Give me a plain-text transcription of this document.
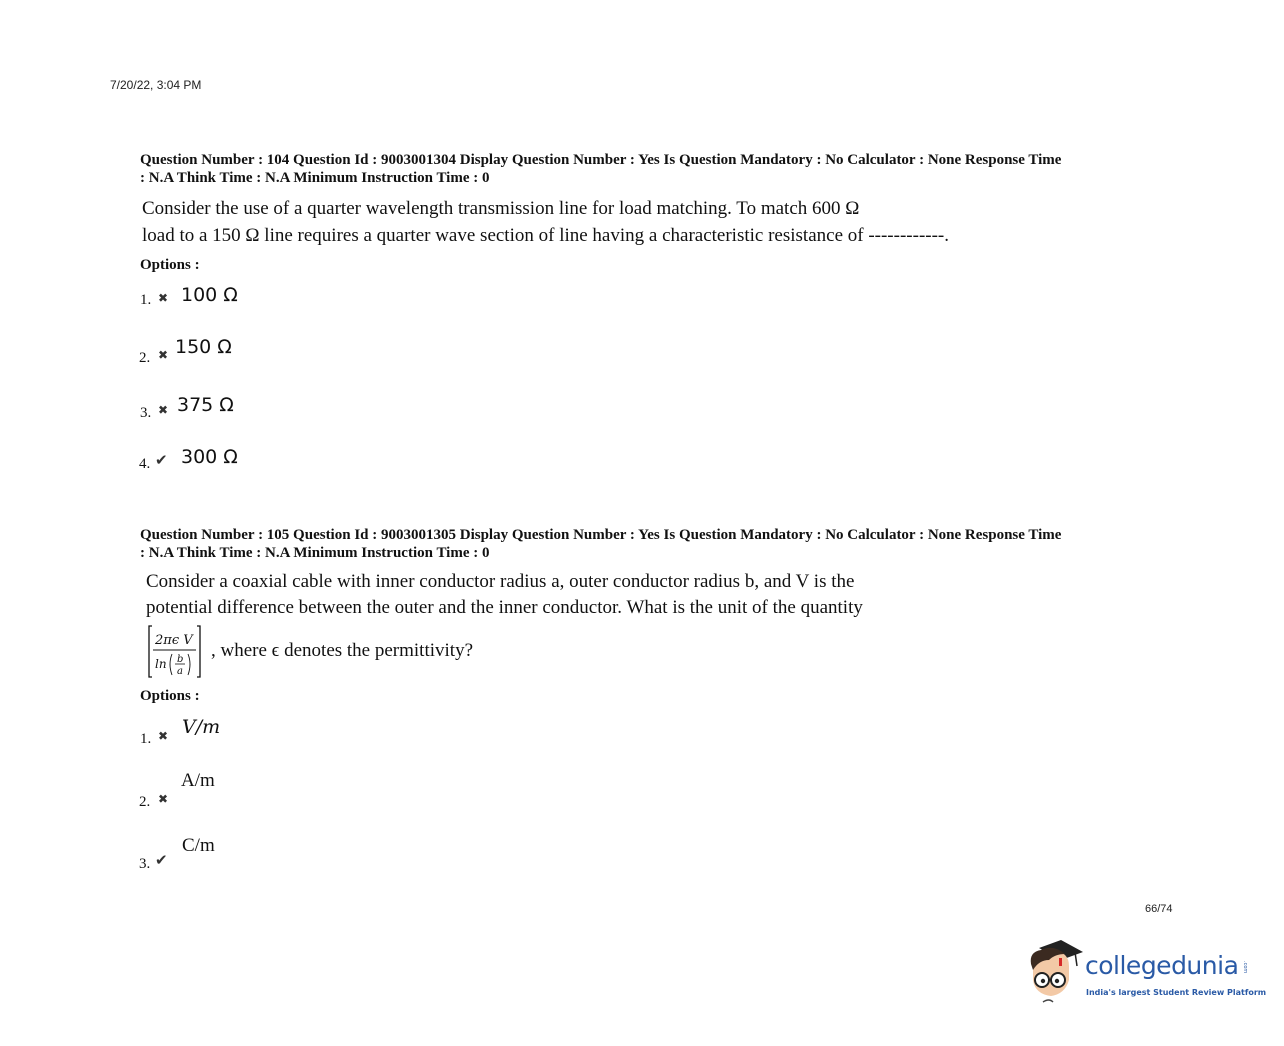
7/20/22, 3:04 PM
Question Number : 104 Question Id : 9003001304 Display Question Number : Yes Is Question Mandatory : No Calculator : None Response Time
: N.A Think Time : N.A Minimum Instruction Time : 0
Consider the use of a quarter wavelength transmission line for load matching. To match 600 Ω
load to a 150 Ω line requires a quarter wave section of line having a characteristic resistance of ------------.
Options :
1. ✖ 100 Ω
2. ✖ 150 Ω
3. ✖ 375 Ω
4. ✔ 300 Ω
Question Number : 105 Question Id : 9003001305 Display Question Number : Yes Is Question Mandatory : No Calculator : None Response Time
: N.A Think Time : N.A Minimum Instruction Time : 0
Consider a coaxial cable with inner conductor radius a, outer conductor radius b, and V is the
potential difference between the outer and the inner conductor. What is the unit of the quantity
2πϵ V
ln b
a
, where ϵ denotes the permittivity?
Options :
1. ✖ V/m
2. ✖
A/m
3. ✔
C/m
66/74
collegedunia .com
India's largest Student Review Platform
